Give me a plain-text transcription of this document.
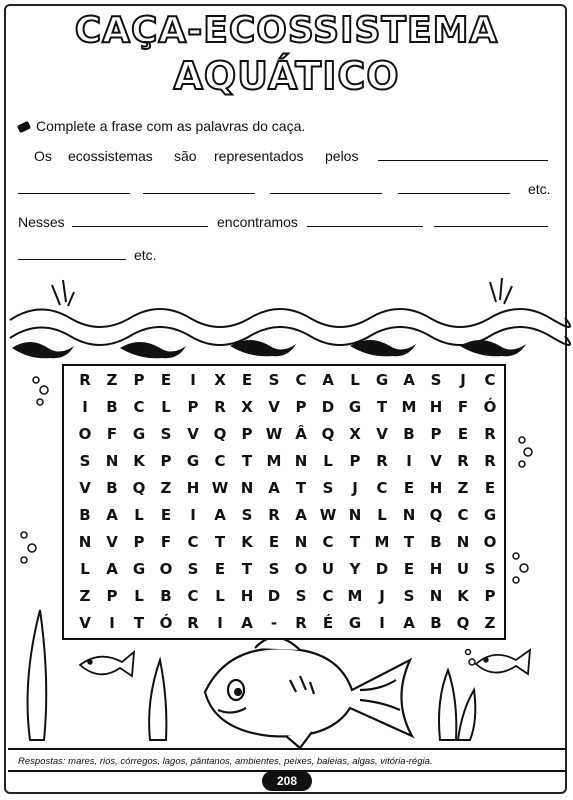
CAÇA-ECOSSISTEMA
AQUÁTICO
Complete a frase com as palavras do caça.
Os ecossistemas são representados pelos
etc.
Nesses	encontramos
etc.
R	Z	P	E	I	X	E	S	C	A	L	G	A	S	J	C
I	B	C	L	P	R	X	V	P	D G	T M H	F	Ó
O	F	G	S	V Q	P W Â Q X	V	B	P	E	R
S	N K	P	G	C	T M N	L	P	R	I	V	R	R
V	B Q	Z	H W N A	T	S	J	C	E	H	Z	E
B	A	L	E	I	A	S	R	A W N	L	N Q	C	G
N V	P	F	C	T	K	E	N	C	T M T	B	N O
L	A	G O	S	E	T	S	O U	Y	D	E	H U	S
Z	P	L	B	C	L	H D	S	C M	J	S	N K	P
V	I	T	Ó R	I	A	-	R	É	G	I	A	B Q	Z
Respostas: mares, rios, córregos, lagos, pântanos, ambientes, peixes, baleias, algas, vitória-régia.
208
